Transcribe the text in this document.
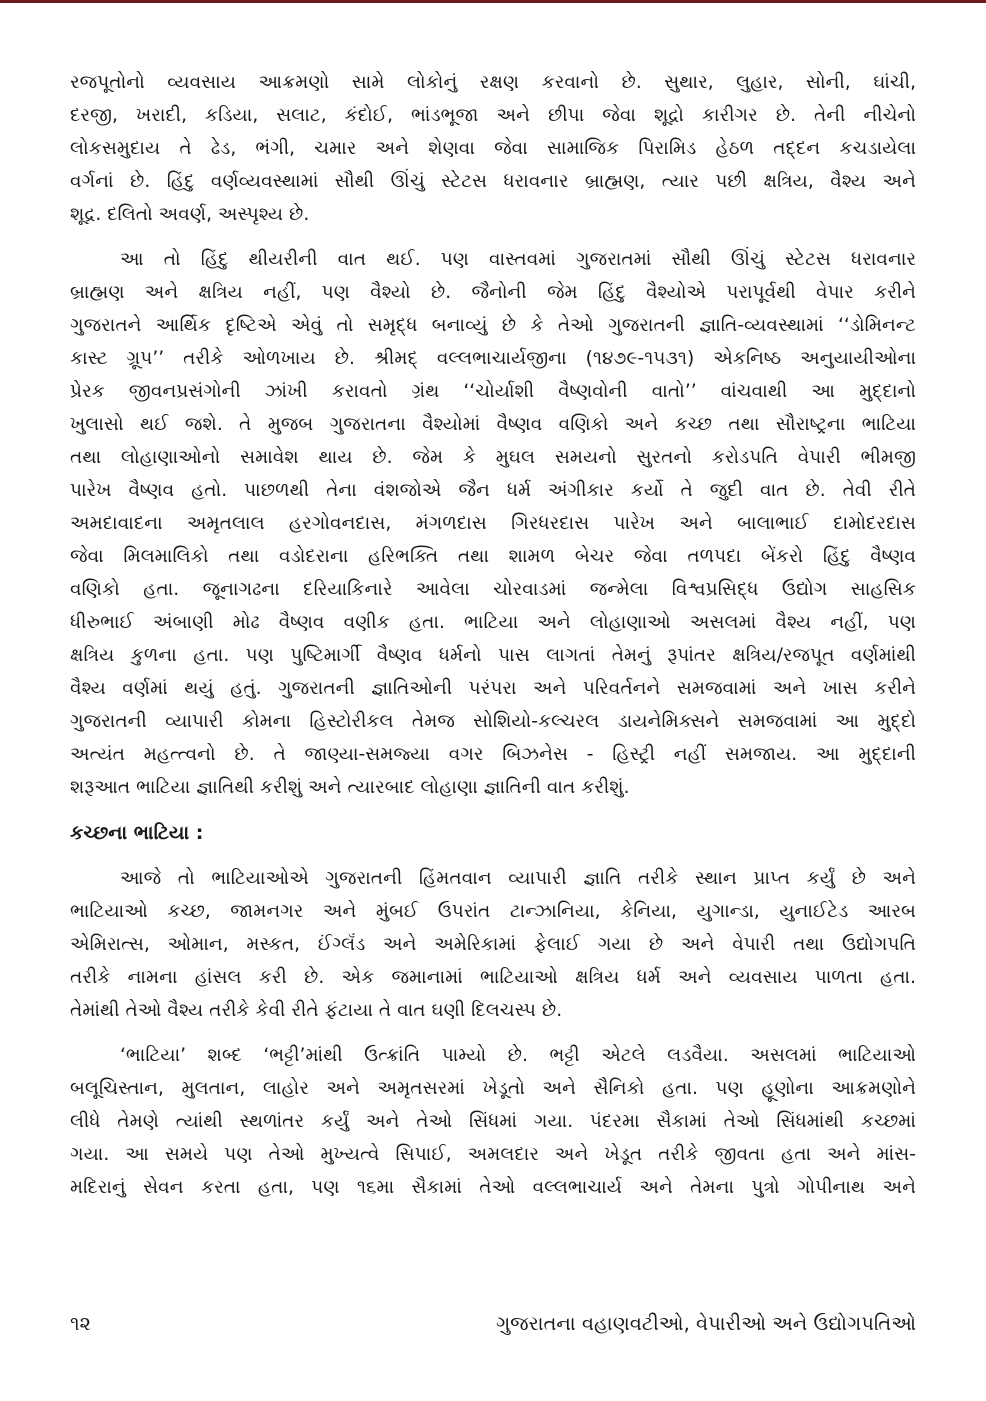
રજપૂતોનો વ્યવસાય આક્રમણો સામે લોકોનું રક્ષણ કરવાનો છે. સુથાર, લુહાર, સોની, ઘાંચી,
દરજી, ખરાદી, કડિયા, સલાટ, કંદોઈ, ભાંડભૂજા અને છીપા જેવા શૂદ્રો કારીગર છે. તેની નીચેનો
લોકસમુદાય તે ઢેડ, ભંગી, ચમાર અને શેણવા જેવા સામાજિક પિરામિડ હેઠળ તદ્દન કચડાયેલા
વર્ગનાં છે. હિંદુ વર્ણવ્યવસ્થામાં સૌથી ઊંચું સ્ટેટસ ધરાવનાર બ્રાહ્મણ, ત્યાર પછી ક્ષત્રિય, વૈશ્ય અને
શૂદ્ર. દલિતો અવર્ણ, અસ્પૃશ્ય છે.
આ તો હિંદુ થીયરીની વાત થઈ. પણ વાસ્તવમાં ગુજરાતમાં સૌથી ઊંચું સ્ટેટસ ધરાવનાર
બ્રાહ્મણ અને ક્ષત્રિય નહીં, પણ વૈશ્યો છે. જૈનોની જેમ હિંદુ વૈશ્યોએ પરાપૂર્વથી વેપાર કરીને
ગુજરાતને આર્થિક દૃષ્ટિએ એવું તો સમૃદ્ધ બનાવ્યું છે કે તેઓ ગુજરાતની જ્ઞાતિ-વ્યવસ્થામાં ‘‘ડોમિનન્ટ
કાસ્ટ ગ્રૂપ’’ તરીકે ઓળખાય છે. શ્રીમદ્ વલ્લભાચાર્યજીના (૧૪૭૯-૧૫૩૧) એકનિષ્ઠ અનુયાયીઓના
પ્રેરક જીવનપ્રસંગોની ઝાંખી કરાવતો ગ્રંથ ‘‘ચોર્યાશી વૈષ્ણવોની વાતો’’ વાંચવાથી આ મુદ્દાનો
ખુલાસો થઈ જશે. તે મુજબ ગુજરાતના વૈશ્યોમાં વૈષ્ણવ વણિકો અને કચ્છ તથા સૌરાષ્ટ્રના ભાટિયા
તથા લોહાણાઓનો સમાવેશ થાય છે. જેમ કે મુઘલ સમયનો સુરતનો કરોડપતિ વેપારી ભીમજી
પારેખ વૈષ્ણવ હતો. પાછળથી તેના વંશજોએ જૈન ધર્મ અંગીકાર કર્યો તે જુદી વાત છે. તેવી રીતે
અમદાવાદના અમૃતલાલ હરગોવનદાસ, મંગળદાસ ગિરધરદાસ પારેખ અને બાલાભાઈ દામોદરદાસ
જેવા મિલમાલિકો તથા વડોદરાના હરિભક્તિ તથા શામળ બેચર જેવા તળપદા બેંકરો હિંદુ વૈષ્ણવ
વણિકો હતા. જૂનાગઢના દરિયાકિનારે આવેલા ચોરવાડમાં જન્મેલા વિશ્વપ્રસિદ્ધ ઉદ્યોગ સાહસિક
ધીરુભાઈ અંબાણી મોઢ વૈષ્ણવ વણીક હતા. ભાટિયા અને લોહાણાઓ અસલમાં વૈશ્ય નહીં, પણ
ક્ષત્રિય કુળના હતા. પણ પુષ્ટિમાર્ગી વૈષ્ણવ ધર્મનો પાસ લાગતાં તેમનું રૂપાંતર ક્ષત્રિય/રજપૂત વર્ણમાંથી
વૈશ્ય વર્ણમાં થયું હતું. ગુજરાતની જ્ઞાતિઓની પરંપરા અને પરિવર્તનને સમજવામાં અને ખાસ કરીને
ગુજરાતની વ્યાપારી કોમના હિસ્ટોરીકલ તેમજ સોશિયો-કલ્ચરલ ડાયનેમિક્સને સમજવામાં આ મુદ્દો
અત્યંત મહત્ત્વનો છે. તે જાણ્યા-સમજ્યા વગર બિઝનેસ - હિસ્ટ્રી નહીં સમજાય. આ મુદ્દાની
શરૂઆત ભાટિયા જ્ઞાતિથી કરીશું અને ત્યારબાદ લોહાણા જ્ઞાતિની વાત કરીશું.
કચ્છના ભાટિયા :
આજે તો ભાટિયાઓએ ગુજરાતની હિંમતવાન વ્યાપારી જ્ઞાતિ તરીકે સ્થાન પ્રાપ્ત કર્યું છે અને
ભાટિયાઓ કચ્છ, જામનગર અને મુંબઈ ઉપરાંત ટાન્ઝાનિયા, કેનિયા, યુગાન્ડા, યુનાઈટેડ આરબ
એમિરાત્સ, ઓમાન, મસ્કત, ઈંગ્લૅંડ અને અમેરિકામાં ફેલાઈ ગયા છે અને વેપારી તથા ઉદ્યોગપતિ
તરીકે નામના હાંસલ કરી છે. એક જમાનામાં ભાટિયાઓ ક્ષત્રિય ધર્મ અને વ્યવસાય પાળતા હતા.
તેમાંથી તેઓ વૈશ્ય તરીકે કેવી રીતે ફંટાયા તે વાત ઘણી દિલચસ્પ છે.
‘ભાટિયા’ શબ્દ ‘ભટ્ટી’માંથી ઉત્ક્રાંતિ પામ્યો છે. ભટ્ટી એટલે લડવૈયા. અસલમાં ભાટિયાઓ
બલૂચિસ્તાન, મુલતાન, લાહોર અને અમૃતસરમાં ખેડૂતો અને સૈનિકો હતા. પણ હૂણોના આક્રમણોને
લીધે તેમણે ત્યાંથી સ્થળાંતર કર્યું અને તેઓ સિંધમાં ગયા. પંદરમા સૈકામાં તેઓ સિંધમાંથી કચ્છમાં
ગયા. આ સમયે પણ તેઓ મુખ્યત્વે સિપાઈ, અમલદાર અને ખેડૂત તરીકે જીવતા હતા અને માંસ-
મદિરાનું સેવન કરતા હતા, પણ ૧૬મા સૈકામાં તેઓ વલ્લભાચાર્ય અને તેમના પુત્રો ગોપીનાથ અને
૧૨	ગુજરાતના વહાણવટીઓ, વેપારીઓ અને ઉદ્યોગપતિઓ
